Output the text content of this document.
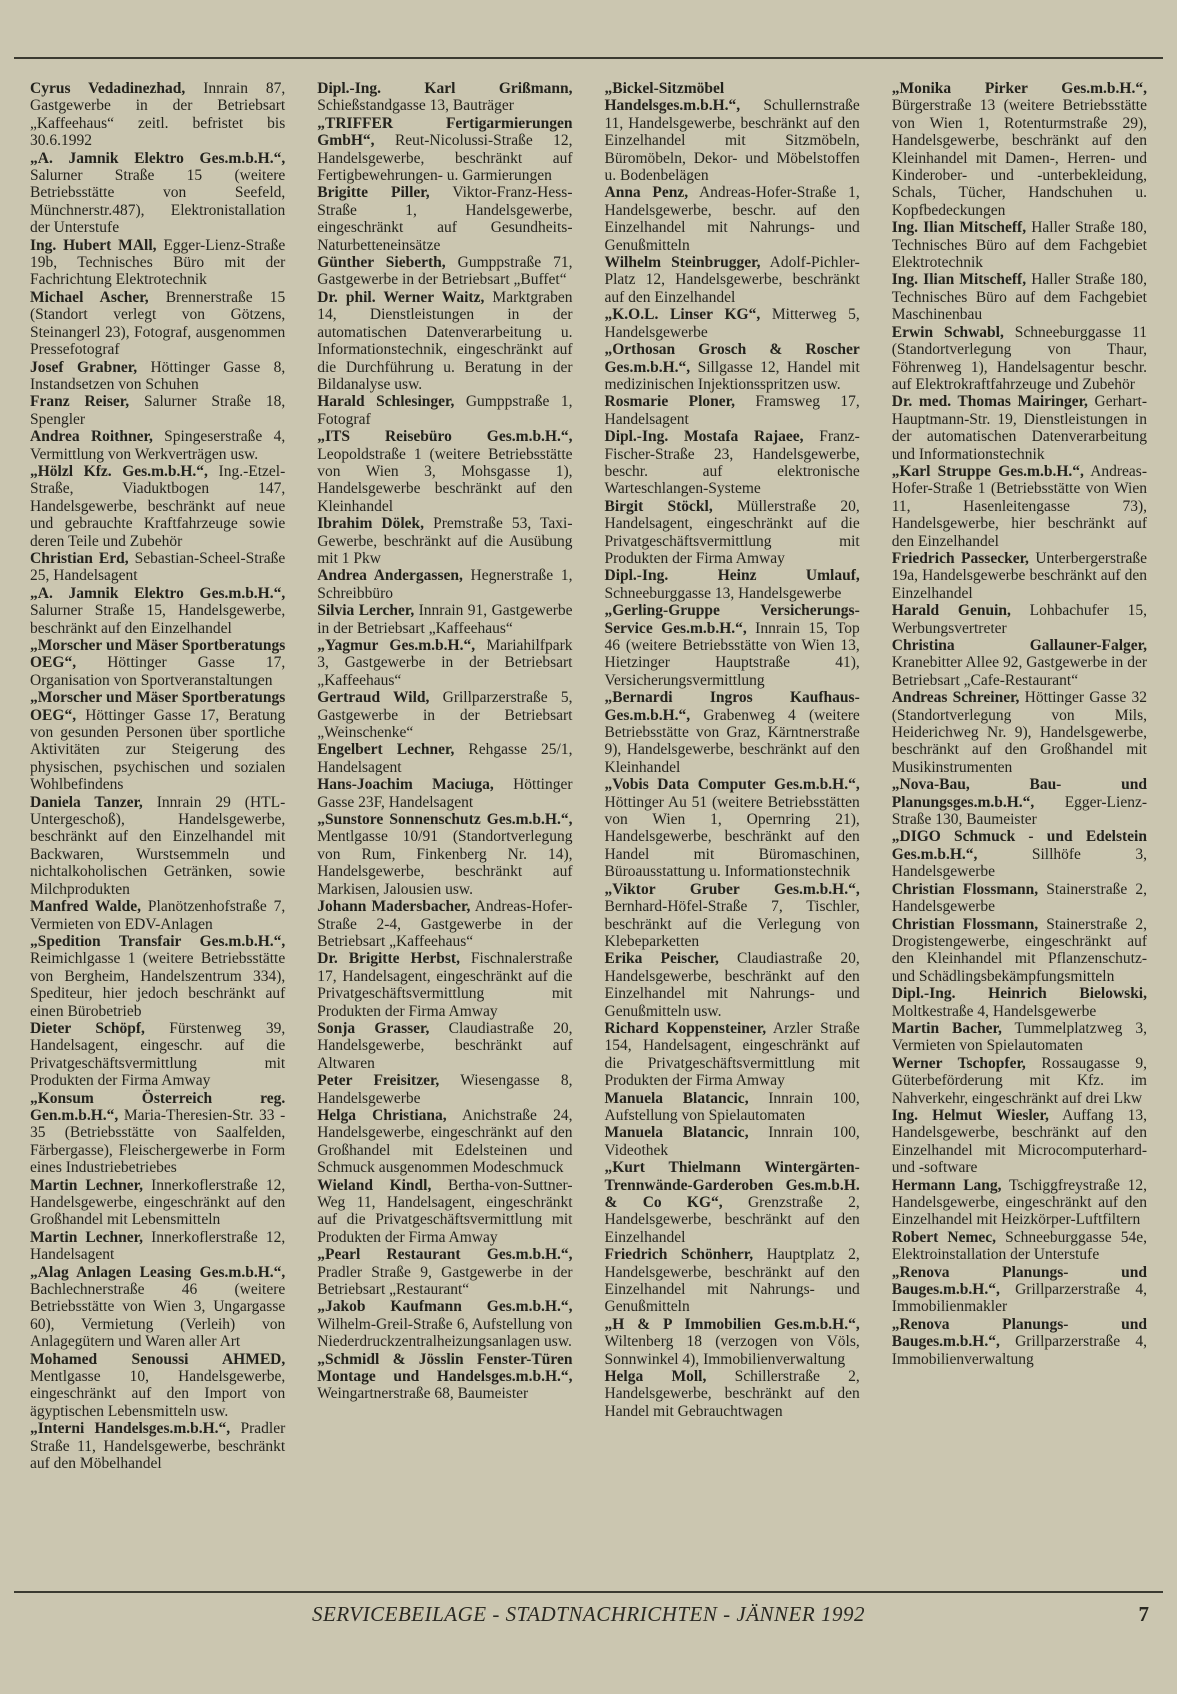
Cyrus Vedadinezhad, Innrain 87, Gastgewerbe in der Betriebsart „Kaffeehaus“ zeitl. befristet bis 30.6.1992

„A. Jamnik Elektro Ges.m.b.H.“, Salurner Straße 15 (weitere Betriebsstätte von Seefeld, Münchnerstr.487), Elektronistallation der Unterstufe

Ing. Hubert MAll, Egger-Lienz-Straße 19b, Technisches Büro mit der Fachrichtung Elektrotechnik

Michael Ascher, Brennerstraße 15 (Standort verlegt von Götzens, Steinangerl 23), Fotograf, ausgenommen Pressefotograf

Josef Grabner, Höttinger Gasse 8, Instandsetzen von Schuhen

Franz Reiser, Salurner Straße 18, Spengler

Andrea Roithner, Spingeserstraße 4, Vermittlung von Werkverträgen usw.

„Hölzl Kfz. Ges.m.b.H.“, Ing.-Etzel-Straße, Viaduktbogen 147, Handelsgewerbe, beschränkt auf neue und gebrauchte Kraftfahrzeuge sowie deren Teile und Zubehör

Christian Erd, Sebastian-Scheel-Straße 25, Handelsagent

„A. Jamnik Elektro Ges.m.b.H.“, Salurner Straße 15, Handelsgewerbe, beschränkt auf den Einzelhandel

„Morscher und Mäser Sportberatungs OEG“, Höttinger Gasse 17, Organisation von Sportveranstaltungen

„Morscher und Mäser Sportberatungs OEG“, Höttinger Gasse 17, Beratung von gesunden Personen über sportliche Aktivitäten zur Steigerung des physischen, psychischen und sozialen Wohlbefindens

Daniela Tanzer, Innrain 29 (HTL-Untergeschoß), Handelsgewerbe, beschränkt auf den Einzelhandel mit Backwaren, Wurstsemmeln und nichtalkoholischen Getränken, sowie Milchprodukten

Manfred Walde, Planötzenhofstraße 7, Vermieten von EDV-Anlagen

„Spedition Transfair Ges.m.b.H.“, Reimichlgasse 1 (weitere Betriebsstätte von Bergheim, Handelszentrum 334), Spediteur, hier jedoch beschränkt auf einen Bürobetrieb

Dieter Schöpf, Fürstenweg 39, Handelsagent, eingeschr. auf die Privatgeschäftsvermittlung mit Produkten der Firma Amway

„Konsum Österreich reg. Gen.m.b.H.“, Maria-Theresien-Str. 33 - 35 (Betriebsstätte von Saalfelden, Färbergasse), Fleischergewerbe in Form eines Industriebetriebes

Martin Lechner, Innerkoflerstraße 12, Handelsgewerbe, eingeschränkt auf den Großhandel mit Lebensmitteln

Martin Lechner, Innerkoflerstraße 12, Handelsagent

„Alag Anlagen Leasing Ges.m.b.H.“, Bachlechnerstraße 46 (weitere Betriebsstätte von Wien 3, Ungargasse 60), Vermietung (Verleih) von Anlagegütern und Waren aller Art

Mohamed Senoussi AHMED, Mentlgasse 10, Handelsgewerbe, eingeschränkt auf den Import von ägyptischen Lebensmitteln usw.

„Interni Handelsges.m.b.H.“, Pradler Straße 11, Handelsgewerbe, beschränkt auf den Möbelhandel

Dipl.-Ing. Karl Grißmann, Schießstandgasse 13, Bauträger

„TRIFFER Fertigarmierungen GmbH“, Reut-Nicolussi-Straße 12, Handelsgewerbe, beschränkt auf Fertigbewehrungen- u. Garmierungen

Brigitte Piller, Viktor-Franz-Hess-Straße 1, Handelsgewerbe, eingeschränkt auf Gesundheits-Naturbetteneinsätze

Günther Sieberth, Gumppstraße 71, Gastgewerbe in der Betriebsart „Buffet“

Dr. phil. Werner Waitz, Marktgraben 14, Dienstleistungen in der automatischen Datenverarbeitung u. Informationstechnik, eingeschränkt auf die Durchführung u. Beratung in der Bildanalyse usw.

Harald Schlesinger, Gumppstraße 1, Fotograf

„ITS Reisebüro Ges.m.b.H.“, Leopoldstraße 1 (weitere Betriebsstätte von Wien 3, Mohsgasse 1), Handelsgewerbe beschränkt auf den Kleinhandel

Ibrahim Dölek, Premstraße 53, Taxi-Gewerbe, beschränkt auf die Ausübung mit 1 Pkw

Andrea Andergassen, Hegnerstraße 1, Schreibbüro

Silvia Lercher, Innrain 91, Gastgewerbe in der Betriebsart „Kaffeehaus“

„Yagmur Ges.m.b.H.“, Mariahilfpark 3, Gastgewerbe in der Betriebsart „Kaffeehaus“

Gertraud Wild, Grillparzerstraße 5, Gastgewerbe in der Betriebsart „Weinschenke“

Engelbert Lechner, Rehgasse 25/1, Handelsagent

Hans-Joachim Maciuga, Höttinger Gasse 23F, Handelsagent

„Sunstore Sonnenschutz Ges.m.b.H.“, Mentlgasse 10/91 (Standortverlegung von Rum, Finkenberg Nr. 14), Handelsgewerbe, beschränkt auf Markisen, Jalousien usw.

Johann Madersbacher, Andreas-Hofer-Straße 2-4, Gastgewerbe in der Betriebsart „Kaffeehaus“

Dr. Brigitte Herbst, Fischnalerstraße 17, Handelsagent, eingeschränkt auf die Privatgeschäftsvermittlung mit Produkten der Firma Amway

Sonja Grasser, Claudiastraße 20, Handelsgewerbe, beschränkt auf Altwaren

Peter Freisitzer, Wiesengasse 8, Handelsgewerbe

Helga Christiana, Anichstraße 24, Handelsgewerbe, eingeschränkt auf den Großhandel mit Edelsteinen und Schmuck ausgenommen Modeschmuck

Wieland Kindl, Bertha-von-Suttner-Weg 11, Handelsagent, eingeschränkt auf die Privatgeschäftsvermittlung mit Produkten der Firma Amway

„Pearl Restaurant Ges.m.b.H.“, Pradler Straße 9, Gastgewerbe in der Betriebsart „Restaurant“

„Jakob Kaufmann Ges.m.b.H.“, Wilhelm-Greil-Straße 6, Aufstellung von Niederdruckzentralheizungsanlagen usw.

„Schmidl & Jösslin Fenster-Türen Montage und Handelsges.m.b.H.“, Weingartnerstraße 68, Baumeister

„Bickel-Sitzmöbel Handelsges.m.b.H.“, Schullernstraße 11, Handelsgewerbe, beschränkt auf den Einzelhandel mit Sitzmöbeln, Büromöbeln, Dekor- und Möbelstoffen u. Bodenbelägen

Anna Penz, Andreas-Hofer-Straße 1, Handelsgewerbe, beschr. auf den Einzelhandel mit Nahrungs- und Genußmitteln

Wilhelm Steinbrugger, Adolf-Pichler-Platz 12, Handelsgewerbe, beschränkt auf den Einzelhandel

„K.O.L. Linser KG“, Mitterweg 5, Handelsgewerbe

„Orthosan Grosch & Roscher Ges.m.b.H.“, Sillgasse 12, Handel mit medizinischen Injektionsspritzen usw.

Rosmarie Ploner, Framsweg 17, Handelsagent

Dipl.-Ing. Mostafa Rajaee, Franz-Fischer-Straße 23, Handelsgewerbe, beschr. auf elektronische Warteschlangen-Systeme

Birgit Stöckl, Müllerstraße 20, Handelsagent, eingeschränkt auf die Privatgeschäftsvermittlung mit Produkten der Firma Amway

Dipl.-Ing. Heinz Umlauf, Schneeburggasse 13, Handelsgewerbe

„Gerling-Gruppe Versicherungs-Service Ges.m.b.H.“, Innrain 15, Top 46 (weitere Betriebsstätte von Wien 13, Hietzinger Hauptstraße 41), Versicherungsvermittlung

„Bernardi Ingros Kaufhaus-Ges.m.b.H.“, Grabenweg 4 (weitere Betriebsstätte von Graz, Kärntnerstraße 9), Handelsgewerbe, beschränkt auf den Kleinhandel

„Vobis Data Computer Ges.m.b.H.“, Höttinger Au 51 (weitere Betriebsstätten von Wien 1, Opernring 21), Handelsgewerbe, beschränkt auf den Handel mit Büromaschinen, Büroausstattung u. Informationstechnik

„Viktor Gruber Ges.m.b.H.“, Bernhard-Höfel-Straße 7, Tischler, beschränkt auf die Verlegung von Klebeparketten

Erika Peischer, Claudiastraße 20, Handelsgewerbe, beschränkt auf den Einzelhandel mit Nahrungs- und Genußmitteln usw.

Richard Koppensteiner, Arzler Straße 154, Handelsagent, eingeschränkt auf die Privatgeschäftsvermittlung mit Produkten der Firma Amway

Manuela Blatancic, Innrain 100, Aufstellung von Spielautomaten

Manuela Blatancic, Innrain 100, Videothek

„Kurt Thielmann Wintergärten-Trennwände-Garderoben Ges.m.b.H. & Co KG“, Grenzstraße 2, Handelsgewerbe, beschränkt auf den Einzelhandel

Friedrich Schönherr, Hauptplatz 2, Handelsgewerbe, beschränkt auf den Einzelhandel mit Nahrungs- und Genußmitteln

„H & P Immobilien Ges.m.b.H.“, Wiltenberg 18 (verzogen von Völs, Sonnwinkel 4), Immobilienverwaltung

Helga Moll, Schillerstraße 2, Handelsgewerbe, beschränkt auf den Handel mit Gebrauchtwagen

„Monika Pirker Ges.m.b.H.“, Bürgerstraße 13 (weitere Betriebsstätte von Wien 1, Rotenturmstraße 29), Handelsgewerbe, beschränkt auf den Kleinhandel mit Damen-, Herren- und Kinderober- und -unterbekleidung, Schals, Tücher, Handschuhen u. Kopfbedeckungen

Ing. Ilian Mitscheff, Haller Straße 180, Technisches Büro auf dem Fachgebiet Elektrotechnik

Ing. Ilian Mitscheff, Haller Straße 180, Technisches Büro auf dem Fachgebiet Maschinenbau

Erwin Schwabl, Schneeburggasse 11 (Standortverlegung von Thaur, Föhrenweg 1), Handelsagentur beschr. auf Elektrokraftfahrzeuge und Zubehör

Dr. med. Thomas Mairinger, Gerhart-Hauptmann-Str. 19, Dienstleistungen in der automatischen Datenverarbeitung und Informationstechnik

„Karl Struppe Ges.m.b.H.“, Andreas-Hofer-Straße 1 (Betriebsstätte von Wien 11, Hasenleitengasse 73), Handelsgewerbe, hier beschränkt auf den Einzelhandel

Friedrich Passecker, Unterbergerstraße 19a, Handelsgewerbe beschränkt auf den Einzelhandel

Harald Genuin, Lohbachufer 15, Werbungsvertreter

Christina Gallauner-Falger, Kranebitter Allee 92, Gastgewerbe in der Betriebsart „Cafe-Restaurant“

Andreas Schreiner, Höttinger Gasse 32 (Standortverlegung von Mils, Heiderichweg Nr. 9), Handelsgewerbe, beschränkt auf den Großhandel mit Musikinstrumenten

„Nova-Bau, Bau- und Planungsges.m.b.H.“, Egger-Lienz-Straße 130, Baumeister

„DIGO Schmuck - und Edelstein Ges.m.b.H.“, Sillhöfe 3, Handelsgewerbe

Christian Flossmann, Stainerstraße 2, Handelsgewerbe

Christian Flossmann, Stainerstraße 2, Drogistengewerbe, eingeschränkt auf den Kleinhandel mit Pflanzenschutz- und Schädlingsbekämpfungsmitteln

Dipl.-Ing. Heinrich Bielowski, Moltkestraße 4, Handelsgewerbe

Martin Bacher, Tummelplatzweg 3, Vermieten von Spielautomaten

Werner Tschopfer, Rossaugasse 9, Güterbeförderung mit Kfz. im Nahverkehr, eingeschränkt auf drei Lkw

Ing. Helmut Wiesler, Auffang 13, Handelsgewerbe, beschränkt auf den Einzelhandel mit Microcomputerhard- und -software

Hermann Lang, Tschiggfreystraße 12, Handelsgewerbe, eingeschränkt auf den Einzelhandel mit Heizkörper-Luftfiltern

Robert Nemec, Schneeburggasse 54e, Elektroinstallation der Unterstufe

„Renova Planungs- und Bauges.m.b.H.“, Grillparzerstraße 4, Immobilienmakler

„Renova Planungs- und Bauges.m.b.H.“, Grillparzerstraße 4, Immobilienverwaltung

SERVICEBEILAGE - STADTNACHRICHTEN - JÄNNER 1992	7
